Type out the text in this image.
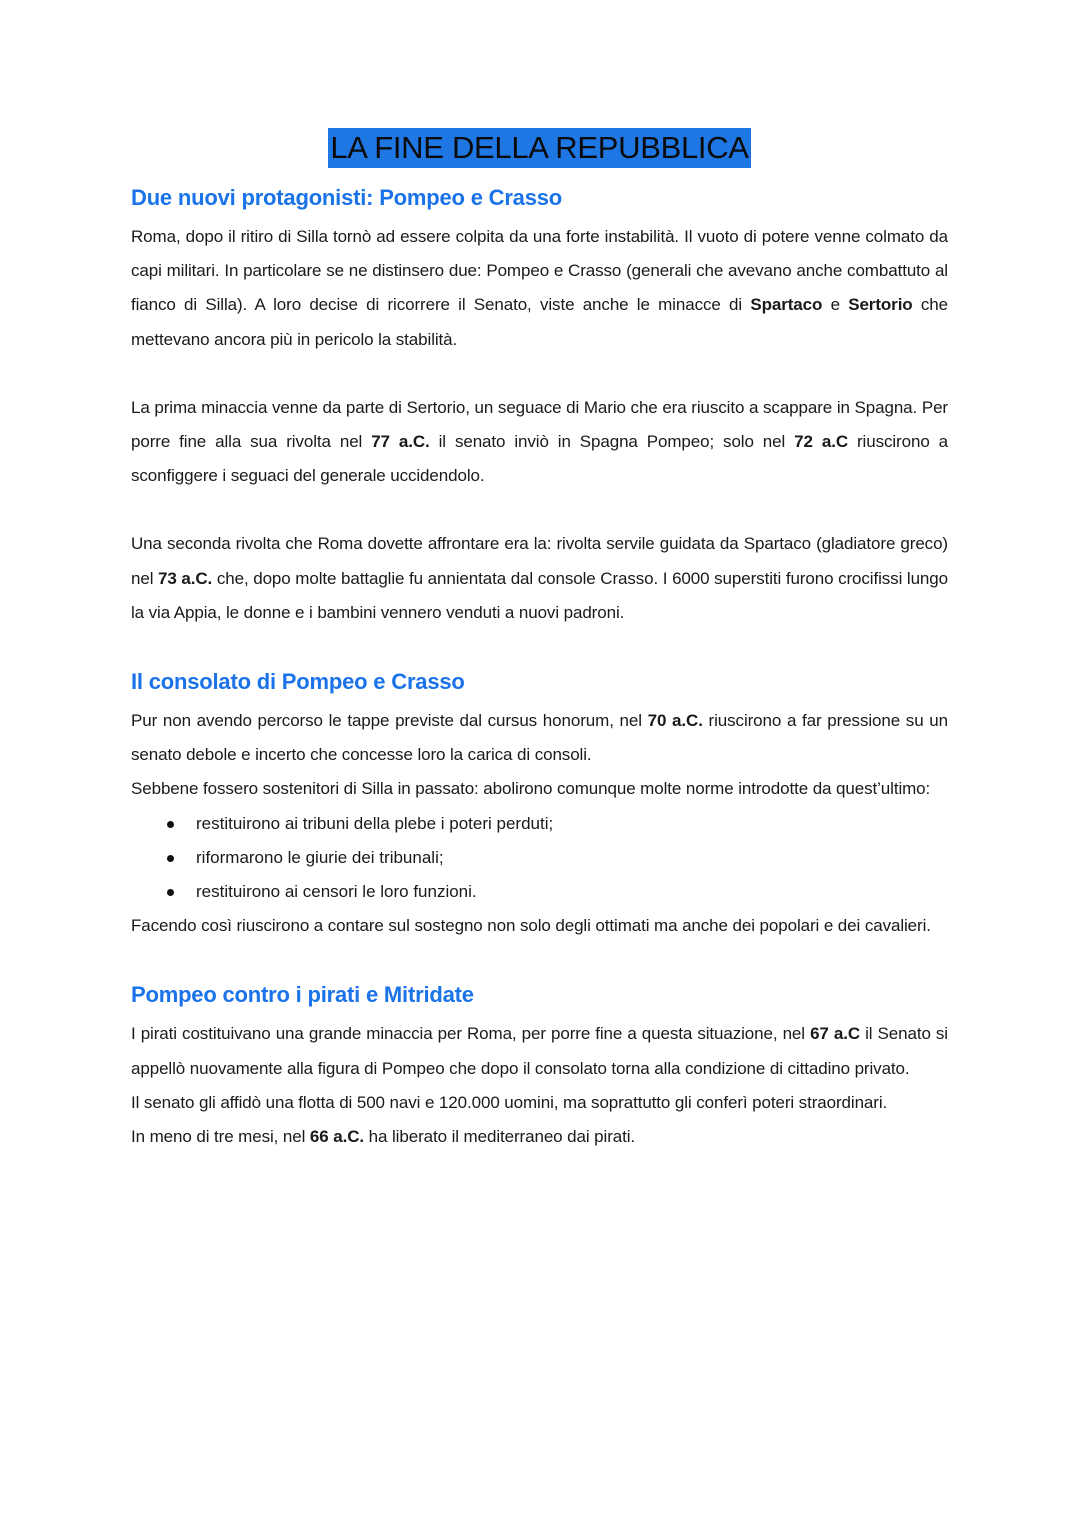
LA FINE DELLA REPUBBLICA
Due nuovi protagonisti: Pompeo e Crasso

Roma, dopo il ritiro di Silla tornò ad essere colpita da una forte instabilità. Il vuoto di potere venne colmato da capi militari. In particolare se ne distinsero due: Pompeo e Crasso (generali che avevano anche combattuto al fianco di Silla). A loro decise di ricorrere il Senato, viste anche le minacce di Spartaco e Sertorio che mettevano ancora più in pericolo la stabilità.

La prima minaccia venne da parte di Sertorio, un seguace di Mario che era riuscito a scappare in Spagna. Per porre fine alla sua rivolta nel 77 a.C. il senato inviò in Spagna Pompeo; solo nel 72 a.C riuscirono a sconfiggere i seguaci del generale uccidendolo.

Una seconda rivolta che Roma dovette affrontare era la: rivolta servile guidata da Spartaco (gladiatore greco) nel 73 a.C. che, dopo molte battaglie fu annientata dal console Crasso. I 6000 superstiti furono crocifissi lungo la via Appia, le donne e i bambini vennero venduti a nuovi padroni.

Il consolato di Pompeo e Crasso

Pur non avendo percorso le tappe previste dal cursus honorum, nel 70 a.C. riuscirono a far pressione su un senato debole e incerto che concesse loro la carica di consoli.

Sebbene fossero sostenitori di Silla in passato: abolirono comunque molte norme introdotte da quest’ultimo:

restituirono ai tribuni della plebe i poteri perduti;
riformarono le giurie dei tribunali;
restituirono ai censori le loro funzioni.

Facendo così riuscirono a contare sul sostegno non solo degli ottimati ma anche dei popolari e dei cavalieri.

Pompeo contro i pirati e Mitridate

I pirati costituivano una grande minaccia per Roma, per porre fine a questa situazione, nel 67 a.C il Senato si appellò nuovamente alla figura di Pompeo che dopo il consolato torna alla condizione di cittadino privato.

Il senato gli affidò una flotta di 500 navi e 120.000 uomini, ma soprattutto gli conferì poteri straordinari.

In meno di tre mesi, nel 66 a.C. ha liberato il mediterraneo dai pirati.
